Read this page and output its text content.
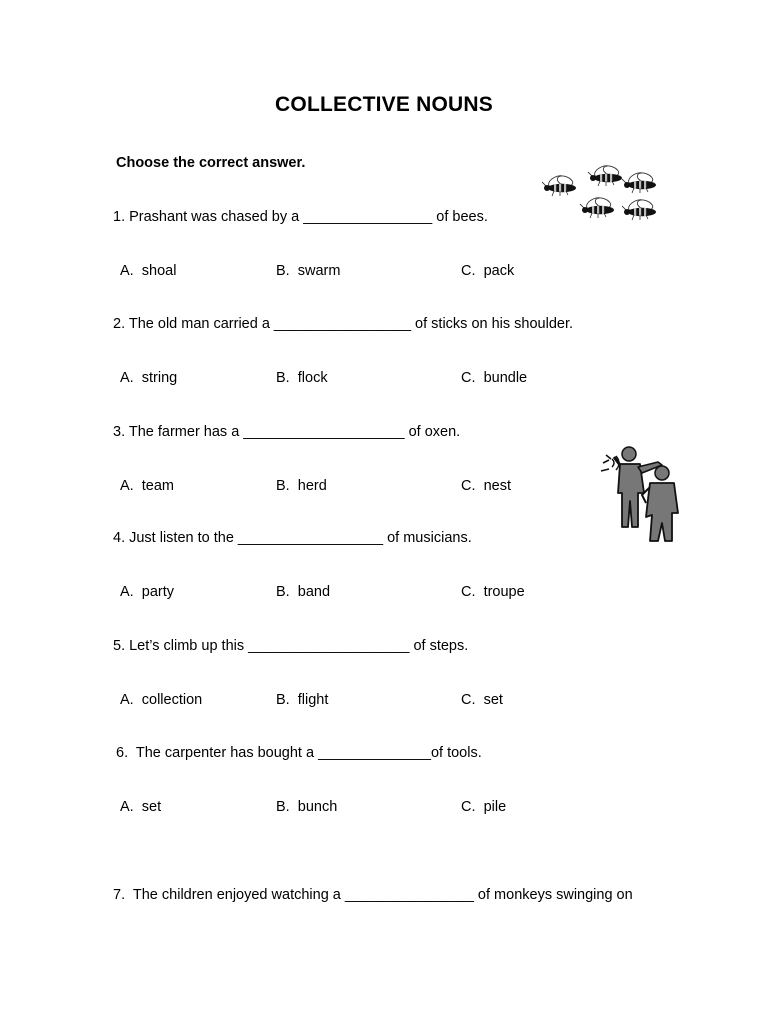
COLLECTIVE NOUNS
Choose the correct answer.
1. Prashant was chased by a ________________ of bees.
A. shoal	B. swarm	C. pack
2. The old man carried a _________________ of sticks on his shoulder.
A. string	B. flock	C. bundle
3. The farmer has a ____________________ of oxen.
A. team	B. herd	C. nest
4. Just listen to the __________________ of musicians.
A. party	B. band	C. troupe
5. Let’s climb up this ____________________ of steps.
A. collection	B. flight	C. set
6.  The carpenter has bought a ______________of tools.
A. set	B. bunch	C. pile
7.  The children enjoyed watching a ________________ of monkeys swinging on
